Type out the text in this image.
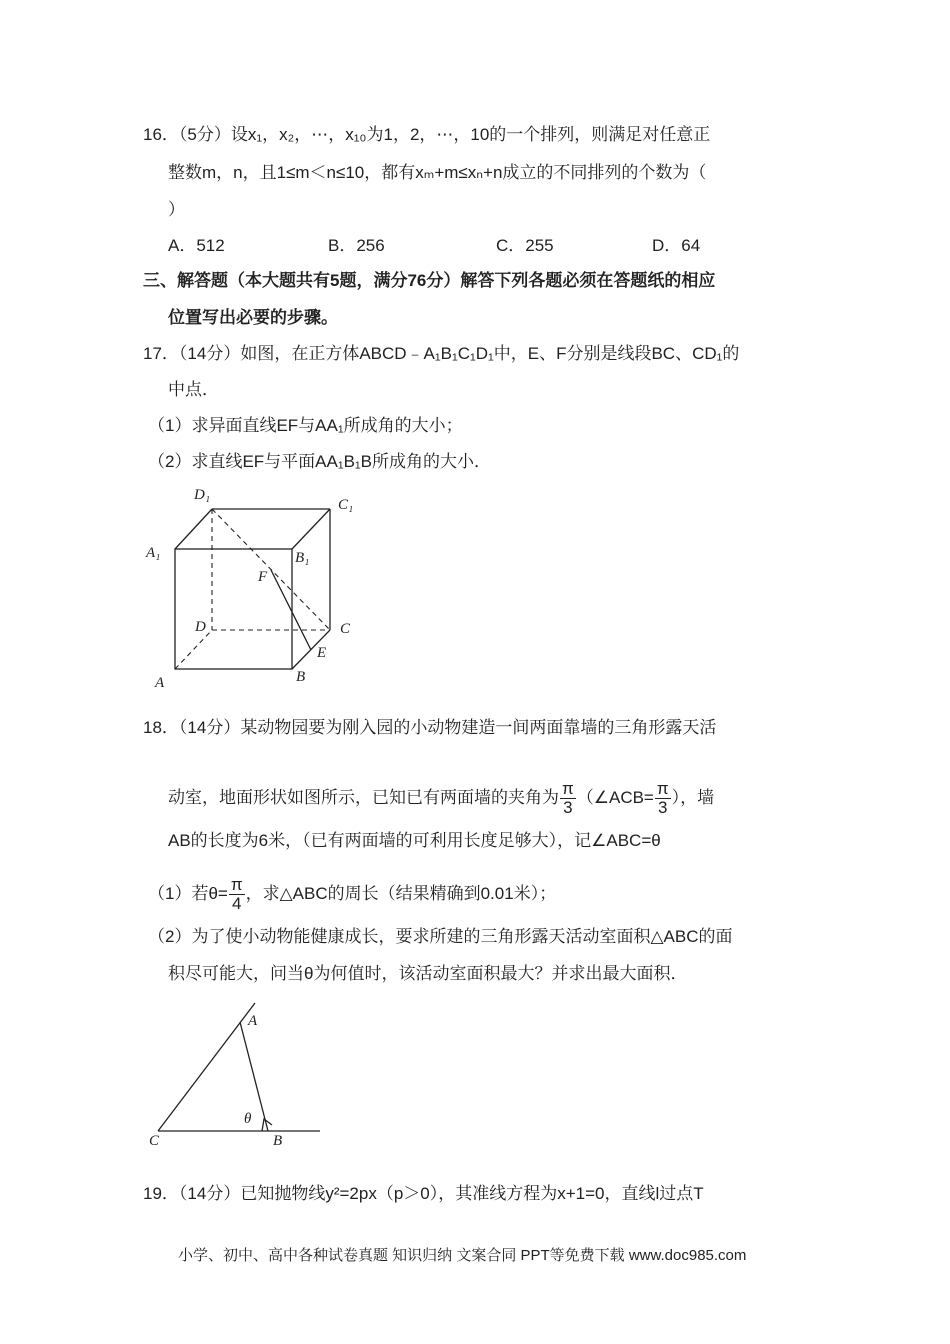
16．（5分）设x₁，x₂，⋯，x₁₀为1，2，⋯，10的一个排列，则满足对任意正
整数m，n，且1≤m＜n≤10，都有xₘ+m≤xₙ+n成立的不同排列的个数为（
）
A．512	B．256	C．255	D．64
三、解答题（本大题共有5题，满分76分）解答下列各题必须在答题纸的相应
位置写出必要的步骤。
17．（14分）如图，在正方体ABCD﹣A₁B₁C₁D₁中，E、F分别是线段BC、CD₁的
中点．
（1）求异面直线EF与AA₁所成角的大小；
（2）求直线EF与平面AA₁B₁B所成角的大小．
D₁
C₁
A₁	B₁
F
D	C
E
A	B
18．（14分）某动物园要为刚入园的小动物建造一间两面靠墙的三角形露天活
动室，地面形状如图所示，已知已有两面墙的夹角为 $\frac{\pi}{3}$ （∠ACB= $\frac{\pi}{3}$ ），墙
AB的长度为6米，（已有两面墙的可利用长度足够大），记∠ABC=θ
（1）若$\theta= \frac{\pi}{4}$ ，求△ABC的周长（结果精确到0.01米）；
（2）为了使小动物能健康成长，要求所建的三角形露天活动室面积△ABC的面
积尽可能大，问当θ为何值时，该活动室面积最大？并求出最大面积．
A
θ
C	B
19．（14分）已知抛物线y²=2px（p＞0），其准线方程为x+1=0，直线l过点T
小学、初中、高中各种试卷真题 知识归纳 文案合同 PPT等免费下载 www.doc985.com
